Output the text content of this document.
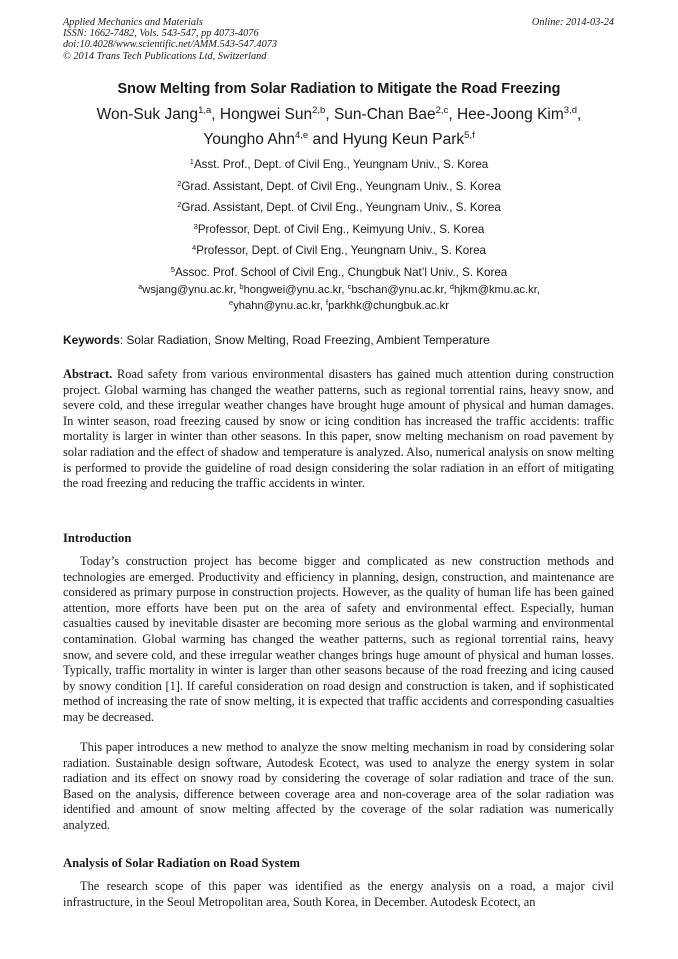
Applied Mechanics and Materials
ISSN: 1662-7482, Vols. 543-547, pp 4073-4076
doi:10.4028/www.scientific.net/AMM.543-547.4073
© 2014 Trans Tech Publications Ltd, Switzerland
Online: 2014-03-24
Snow Melting from Solar Radiation to Mitigate the Road Freezing
Won-Suk Jang$^{1,a}$, Hongwei Sun$^{2,b}$, Sun-Chan Bae$^{2,c}$, Hee-Joong Kim$^{3,d}$,
Youngho Ahn$^{4,e}$ and Hyung Keun Park$^{5,f}$
$^1$Asst. Prof., Dept. of Civil Eng., Yeungnam Univ., S. Korea
$^2$Grad. Assistant, Dept. of Civil Eng., Yeungnam Univ., S. Korea
$^2$Grad. Assistant, Dept. of Civil Eng., Yeungnam Univ., S. Korea
$^3$Professor, Dept. of Civil Eng., Keimyung Univ., S. Korea
$^4$Professor, Dept. of Civil Eng., Yeungnam Univ., S. Korea
$^5$Assoc. Prof. School of Civil Eng., Chungbuk Nat’l Univ., S. Korea
$^a$wsjang@ynu.ac.kr, $^b$hongwei@ynu.ac.kr, $^c$bschan@ynu.ac.kr, $^d$hjkm@kmu.ac.kr,
$^e$yhahn@ynu.ac.kr, $^f$parkhk@chungbuk.ac.kr
Keywords: Solar Radiation, Snow Melting, Road Freezing, Ambient Temperature
Abstract. Road safety from various environmental disasters has gained much attention during construction project. Global warming has changed the weather patterns, such as regional torrential rains, heavy snow, and severe cold, and these irregular weather changes have brought huge amount of physical and human damages. In winter season, road freezing caused by snow or icing condition has increased the traffic accidents: traffic mortality is larger in winter than other seasons. In this paper, snow melting mechanism on road pavement by solar radiation and the effect of shadow and temperature is analyzed. Also, numerical analysis on snow melting is performed to provide the guideline of road design considering the solar radiation in an effort of mitigating the road freezing and reducing the traffic accidents in winter.
Introduction
Today’s construction project has become bigger and complicated as new construction methods and technologies are emerged. Productivity and efficiency in planning, design, construction, and maintenance are considered as primary purpose in construction projects. However, as the quality of human life has been gained attention, more efforts have been put on the area of safety and environmental effect. Especially, human casualties caused by inevitable disaster are becoming more serious as the global warming and environmental contamination. Global warming has changed the weather patterns, such as regional torrential rains, heavy snow, and severe cold, and these irregular weather changes brings huge amount of physical and human losses. Typically, traffic mortality in winter is larger than other seasons because of the road freezing and icing caused by snowy condition [1]. If careful consideration on road design and construction is taken, and if sophisticated method of increasing the rate of snow melting, it is expected that traffic accidents and corresponding casualties may be decreased.
This paper introduces a new method to analyze the snow melting mechanism in road by considering solar radiation. Sustainable design software, Autodesk Ecotect, was used to analyze the energy system in solar radiation and its effect on snowy road by considering the coverage of solar radiation and trace of the sun. Based on the analysis, difference between coverage area and non-coverage area of the solar radiation was identified and amount of snow melting affected by the coverage of the solar radiation was numerically analyzed.
Analysis of Solar Radiation on Road System
The research scope of this paper was identified as the energy analysis on a road, a major civil infrastructure, in the Seoul Metropolitan area, South Korea, in December. Autodesk Ecotect, an
